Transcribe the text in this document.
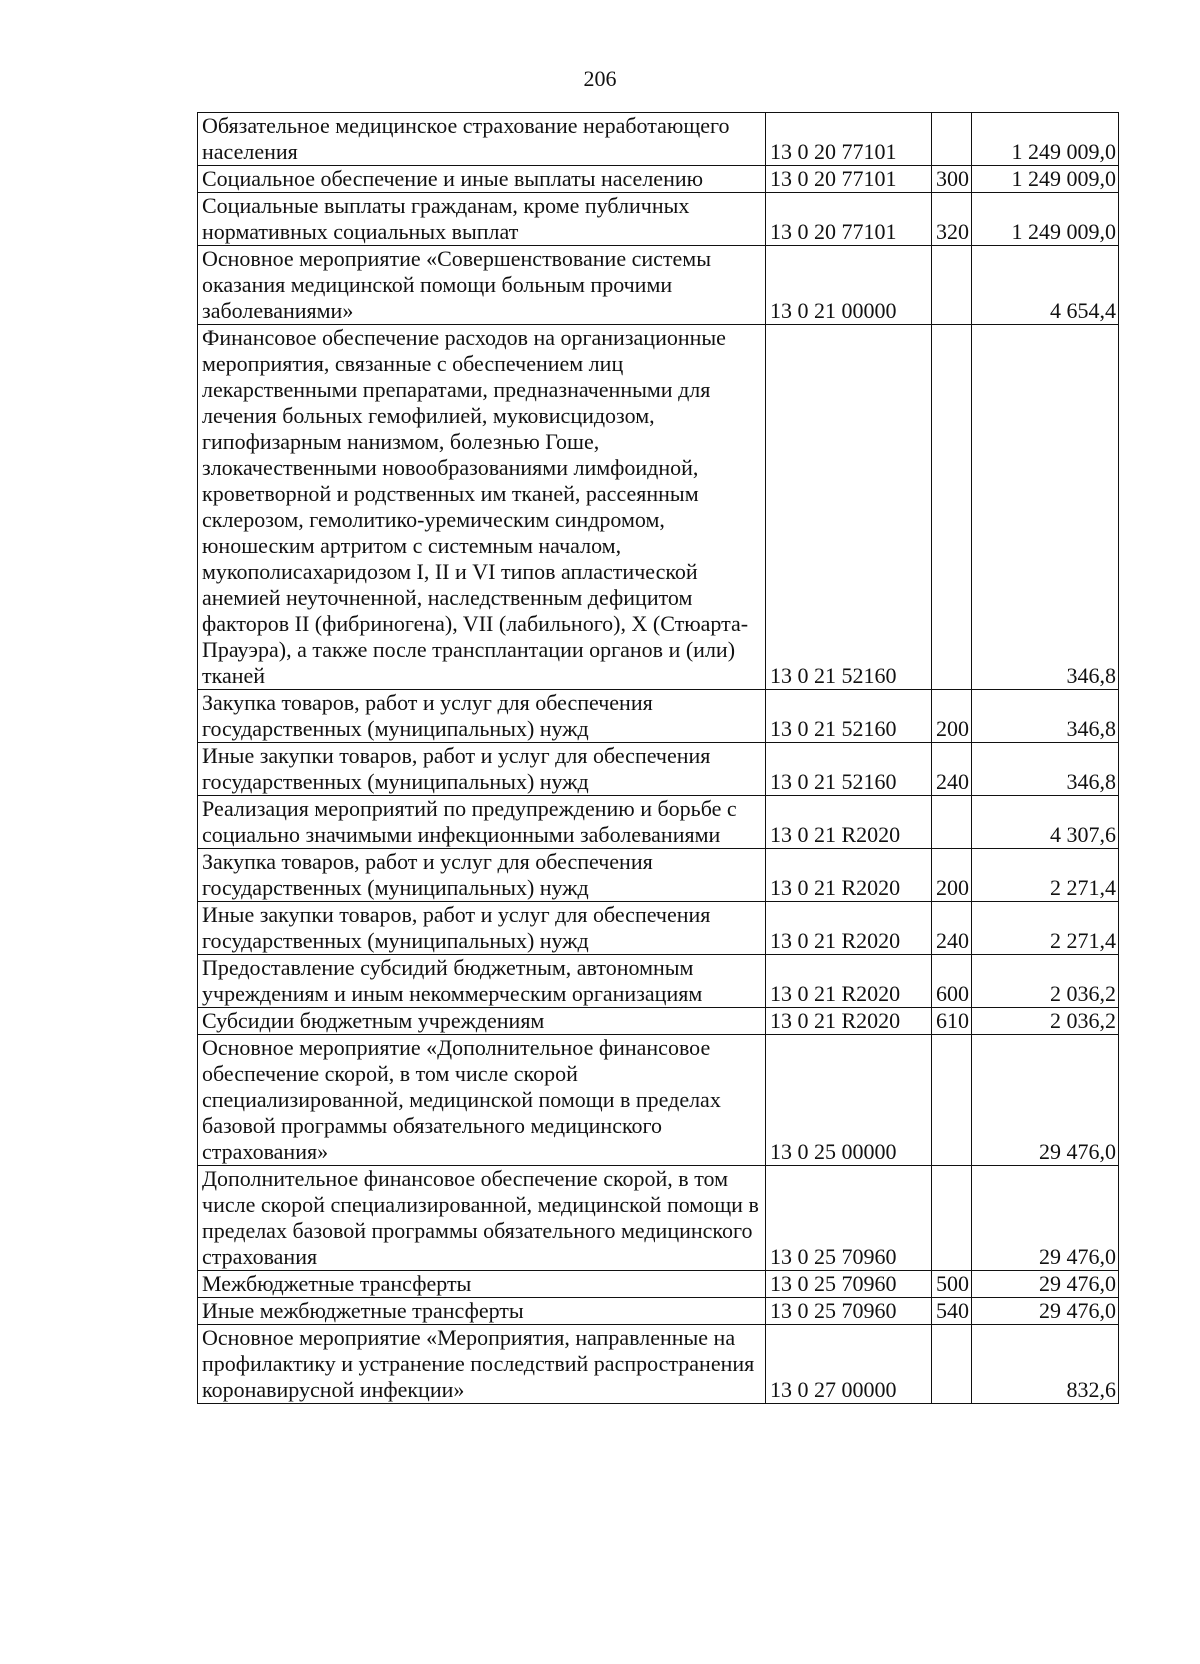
206
Обязательное медицинское страхование неработающего населения	13 0 20 77101		1 249 009,0
Социальное обеспечение и иные выплаты населению	13 0 20 77101	300	1 249 009,0
Социальные выплаты гражданам, кроме публичных нормативных социальных выплат	13 0 20 77101	320	1 249 009,0
Основное мероприятие «Совершенствование системы оказания медицинской помощи больным прочими заболеваниями»	13 0 21 00000		4 654,4
Финансовое обеспечение расходов на организационные мероприятия, связанные с обеспечением лиц лекарственными препаратами, предназначенными для лечения больных гемофилией, муковисцидозом, гипофизарным нанизмом, болезнью Гоше, злокачественными новообразованиями лимфоидной, кроветворной и родственных им тканей, рассеянным склерозом, гемолитико-уремическим синдромом, юношеским артритом с системным началом, мукополисахаридозом I, II и VI типов апластической анемией неуточненной, наследственным дефицитом факторов II (фибриногена), VII (лабильного), X (Стюарта-Прауэра), а также после трансплантации органов и (или) тканей	13 0 21 52160		346,8
Закупка товаров, работ и услуг для обеспечения государственных (муниципальных) нужд	13 0 21 52160	200	346,8
Иные закупки товаров, работ и услуг для обеспечения государственных (муниципальных) нужд	13 0 21 52160	240	346,8
Реализация мероприятий по предупреждению и борьбе с социально значимыми инфекционными заболеваниями	13 0 21 R2020		4 307,6
Закупка товаров, работ и услуг для обеспечения государственных (муниципальных) нужд	13 0 21 R2020	200	2 271,4
Иные закупки товаров, работ и услуг для обеспечения государственных (муниципальных) нужд	13 0 21 R2020	240	2 271,4
Предоставление субсидий бюджетным, автономным учреждениям и иным некоммерческим организациям	13 0 21 R2020	600	2 036,2
Субсидии бюджетным учреждениям	13 0 21 R2020	610	2 036,2
Основное мероприятие «Дополнительное финансовое обеспечение скорой, в том числе скорой специализированной, медицинской помощи в пределах базовой программы обязательного медицинского страхования»	13 0 25 00000		29 476,0
Дополнительное финансовое обеспечение скорой, в том числе скорой специализированной, медицинской помощи в пределах базовой программы обязательного медицинского страхования	13 0 25 70960		29 476,0
Межбюджетные трансферты	13 0 25 70960	500	29 476,0
Иные межбюджетные трансферты	13 0 25 70960	540	29 476,0
Основное мероприятие «Мероприятия, направленные на профилактику и устранение последствий распространения коронавирусной инфекции»	13 0 27 00000		832,6
